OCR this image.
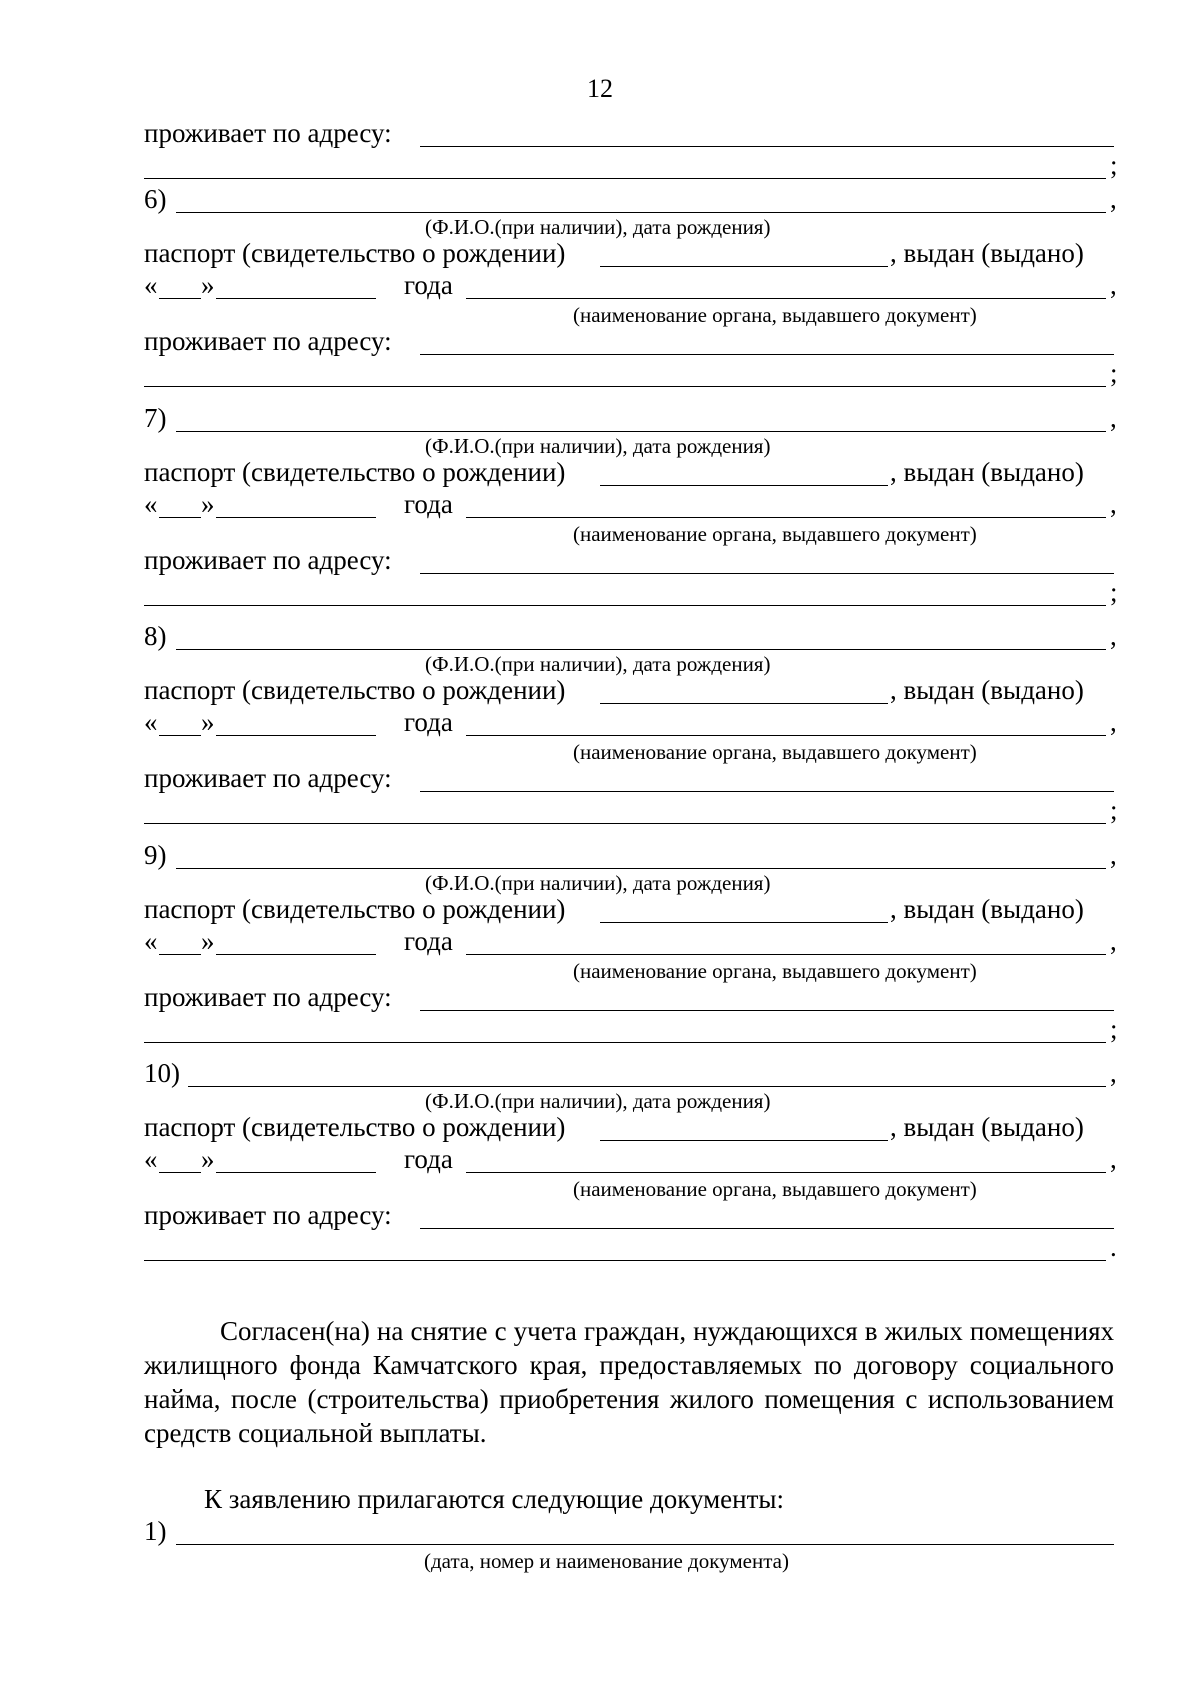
12
проживает по адресу:
;
6)	,
(Ф.И.О.(при наличии), дата рождения)
паспорт (свидетельство о рождении)	, выдан (выдано)
« »	года	,
(наименование органа, выдавшего документ)
проживает по адресу:
;
7)	,
(Ф.И.О.(при наличии), дата рождения)
паспорт (свидетельство о рождении)	, выдан (выдано)
« »	года	,
(наименование органа, выдавшего документ)
проживает по адресу:
;
8)	,
(Ф.И.О.(при наличии), дата рождения)
паспорт (свидетельство о рождении)	, выдан (выдано)
« »	года	,
(наименование органа, выдавшего документ)
проживает по адресу:
;
9)	,
(Ф.И.О.(при наличии), дата рождения)
паспорт (свидетельство о рождении)	, выдан (выдано)
« »	года	,
(наименование органа, выдавшего документ)
проживает по адресу:
;
10)	,
(Ф.И.О.(при наличии), дата рождения)
паспорт (свидетельство о рождении)	, выдан (выдано)
« »	года	,
(наименование органа, выдавшего документ)
проживает по адресу:
.
Согласен(на) на снятие с учета граждан, нуждающихся в жилых помещениях жилищного фонда Камчатского края, предоставляемых по договору социального найма, после (строительства) приобретения жилого помещения с использованием средств социальной выплаты.
К заявлению прилагаются следующие документы:
1)
(дата, номер и наименование документа)
